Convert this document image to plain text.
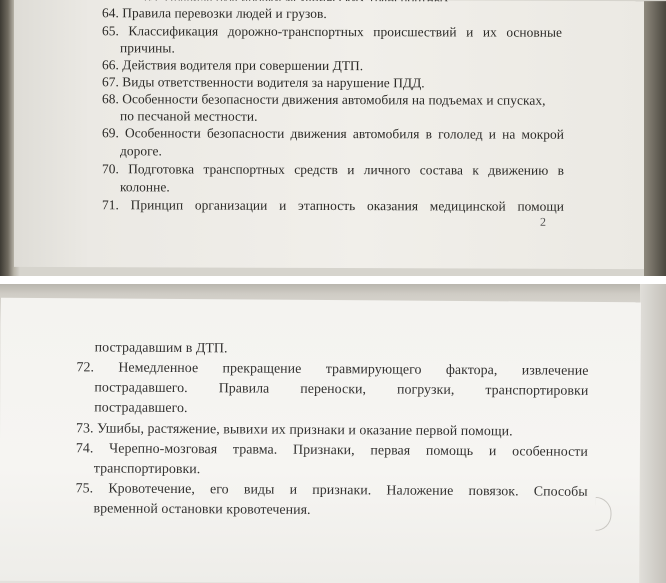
64. Правила перевозки людей и грузов.
65. Классификация дорожно-транспортных происшествий и их основные
причины.
66. Действия водителя при совершении ДТП.
67. Виды ответственности водителя за нарушение ПДД.
68. Особенности безопасности движения автомобиля на подъемах и спусках,
по песчаной местности.
69. Особенности безопасности движения автомобиля в гололед и на мокрой
дороге.
70. Подготовка транспортных средств и личного состава к движению в
колонне.
71. Принцип организации и этапность оказания медицинской помощи
2
пострадавшим в ДТП.
72. Немедленное прекращение травмирующего фактора, извлечение
пострадавшего. Правила переноски, погрузки, транспортировки
пострадавшего.
73. Ушибы, растяжение, вывихи их признаки и оказание первой помощи.
74. Черепно-мозговая травма. Признаки, первая помощь и особенности
транспортировки.
75. Кровотечение, его виды и признаки. Наложение повязок. Способы
временной остановки кровотечения.
